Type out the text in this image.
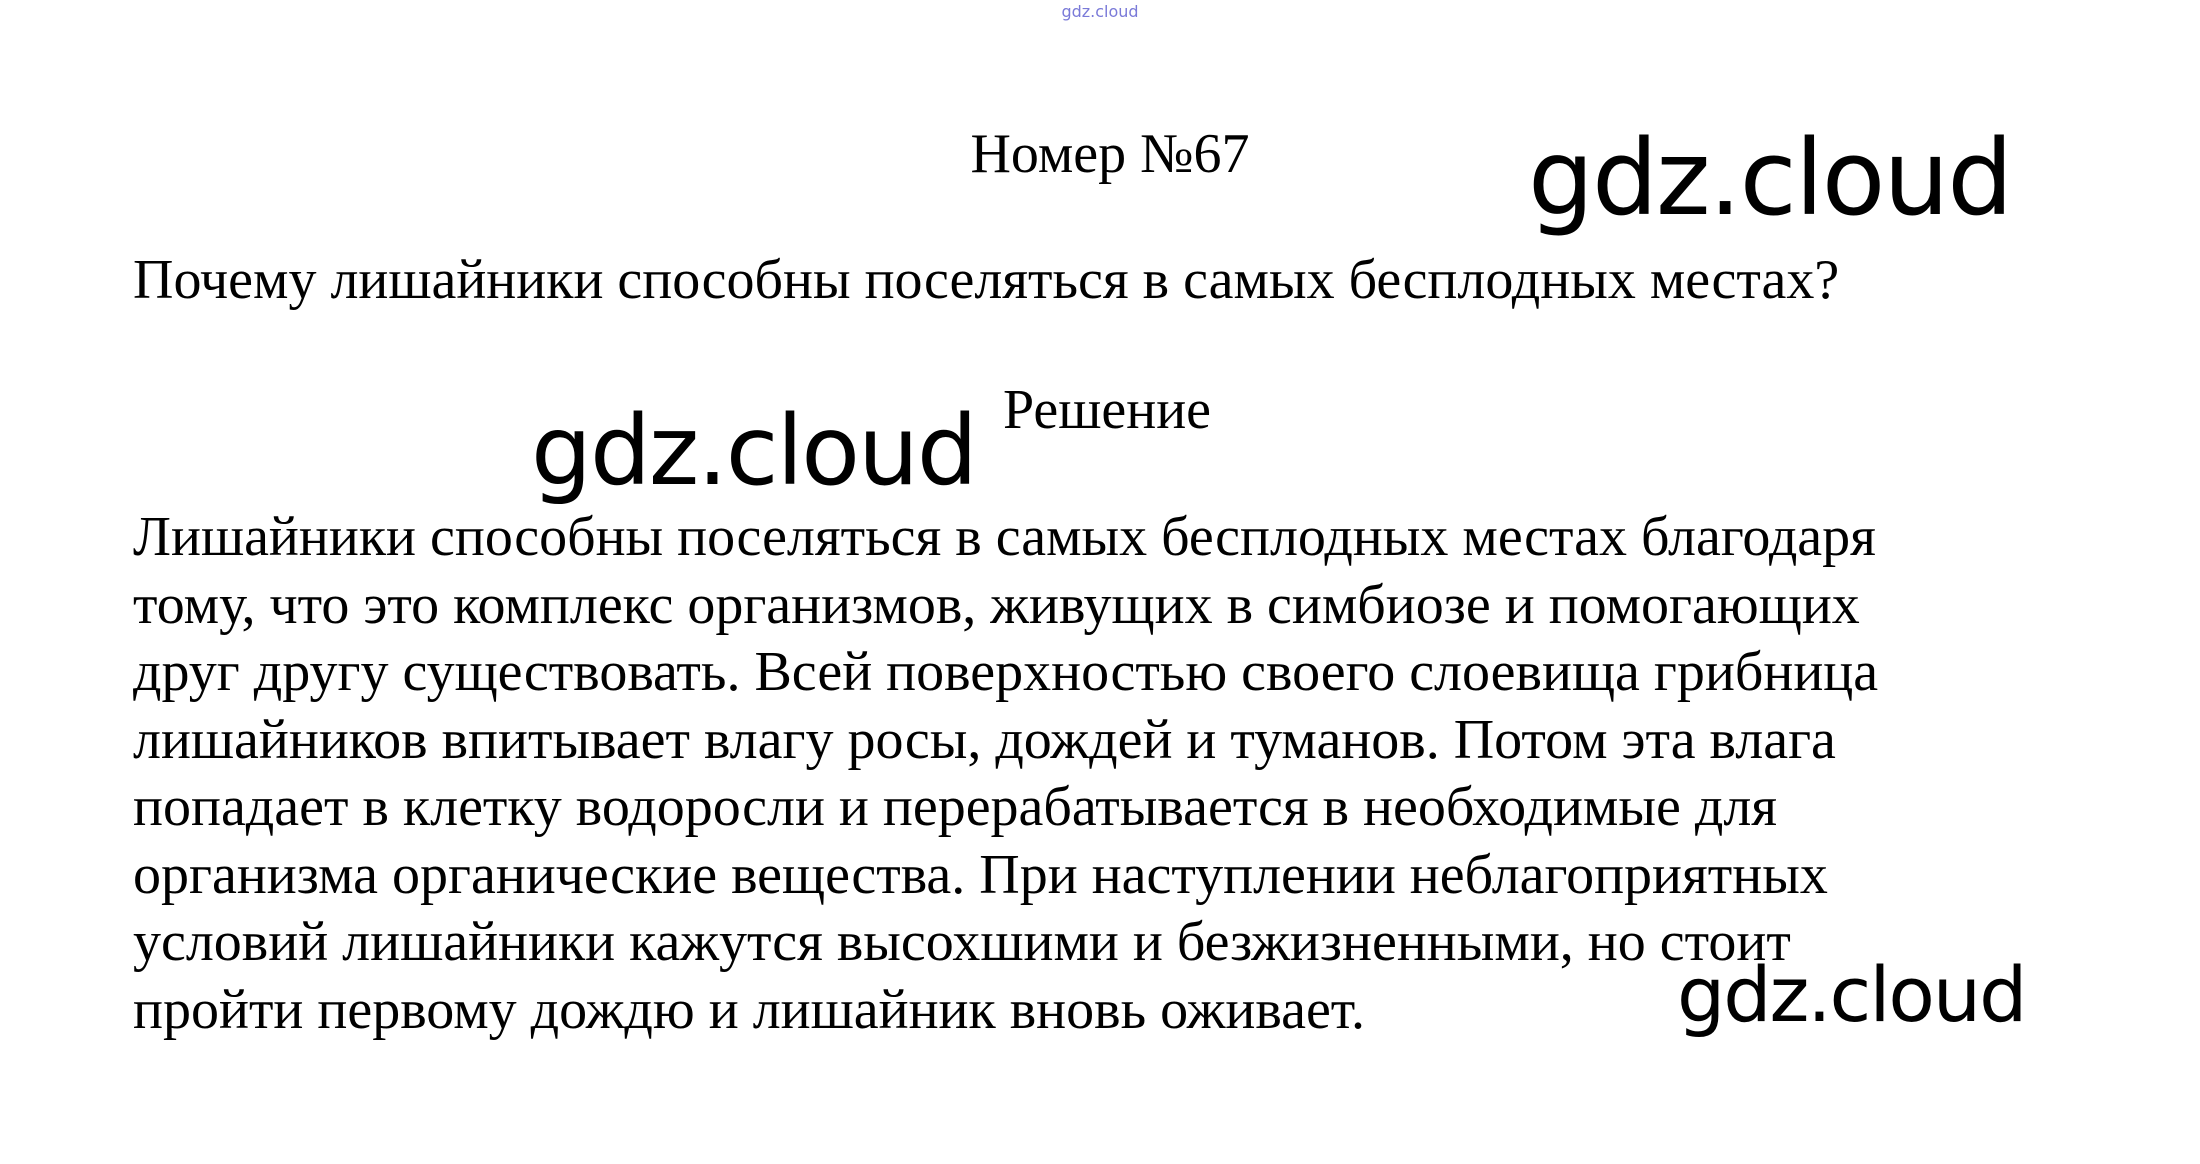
gdz.cloud
Номер №67	gdz.cloud
Почему лишайники способны поселяться в самых бесплодных местах?
Решение
gdz.cloud
Лишайники способны поселяться в самых бесплодных местах благодаря
тому, что это комплекс организмов, живущих в симбиозе и помогающих
друг другу существовать. Всей поверхностью своего слоевища грибница
лишайников впитывает влагу росы, дождей и туманов. Потом эта влага
попадает в клетку водоросли и перерабатывается в необходимые для
организма органические вещества. При наступлении неблагоприятных
условий лишайники кажутся высохшими и безжизненными, но стоит
пройти первому дождю и лишайник вновь оживает.	gdz.cloud
